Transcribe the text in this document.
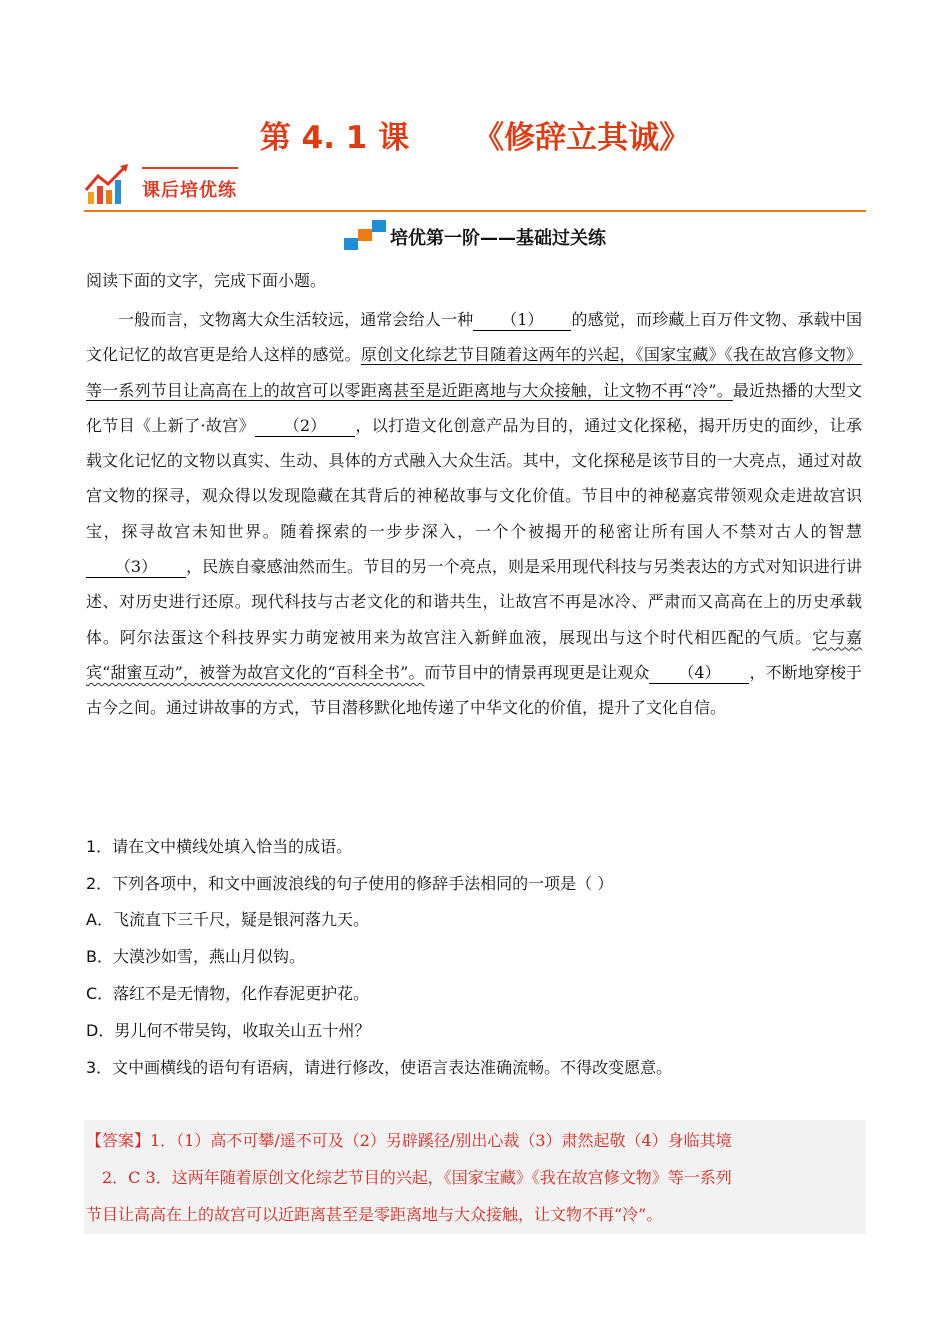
第 4. 1 课 《修辞立其诚》
课后培优练
培优第一阶——基础过关练
阅读下面的文字，完成下面小题。

一般而言，文物离大众生活较远，通常会给人一种 （1） 的感觉，而珍藏上百万件文物、承载中国文化记忆的故宫更是给人这样的感觉。原创文化综艺节目随着这两年的兴起，《国家宝藏》《我在故宫修文物》等一系列节目让高高在上的故宫可以零距离甚至是近距离地与大众接触，让文物不再“冷”。最近热播的大型文化节目《上新了·故宫》 （2） ，以打造文化创意产品为目的，通过文化探秘，揭开历史的面纱，让承载文化记忆的文物以真实、生动、具体的方式融入大众生活。其中，文化探秘是该节目的一大亮点，通过对故宫文物的探寻，观众得以发现隐藏在其背后的神秘故事与文化价值。节目中的神秘嘉宾带领观众走进故宫识宝，探寻故宫未知世界。随着探索的一步步深入，一个个被揭开的秘密让所有国人不禁对古人的智慧（3） ，民族自豪感油然而生。节目的另一个亮点，则是采用现代科技与另类表达的方式对知识进行讲述、对历史进行还原。现代科技与古老文化的和谐共生，让故宫不再是冰冷、严肃而又高高在上的历史承载体。阿尔法蛋这个科技界实力萌宠被用来为故宫注入新鲜血液，展现出与这个时代相匹配的气质。它与嘉宾“甜蜜互动”，被誉为故宫文化的“百科全书”。而节目中的情景再现更是让观众 （4） ，不断地穿梭于古今之间。通过讲故事的方式，节目潜移默化地传递了中华文化的价值，提升了文化自信。

1．请在文中横线处填入恰当的成语。
2．下列各项中，和文中画波浪线的句子使用的修辞手法相同的一项是（ ）
A．飞流直下三千尺，疑是银河落九天。
B．大漠沙如雪，燕山月似钩。
C．落红不是无情物，化作春泥更护花。
D．男儿何不带吴钩，收取关山五十州？
3．文中画横线的语句有语病，请进行修改，使语言表达准确流畅。不得改变愿意。
【答案】1．（1）高不可攀/遥不可及（2）另辟蹊径/别出心裁（3）肃然起敬（4）身临其境
2．C 3．这两年随着原创文化综艺节目的兴起，《国家宝藏》《我在故宫修文物》等一系列
节目让高高在上的故宫可以近距离甚至是零距离地与大众接触，让文物不再“冷”。
